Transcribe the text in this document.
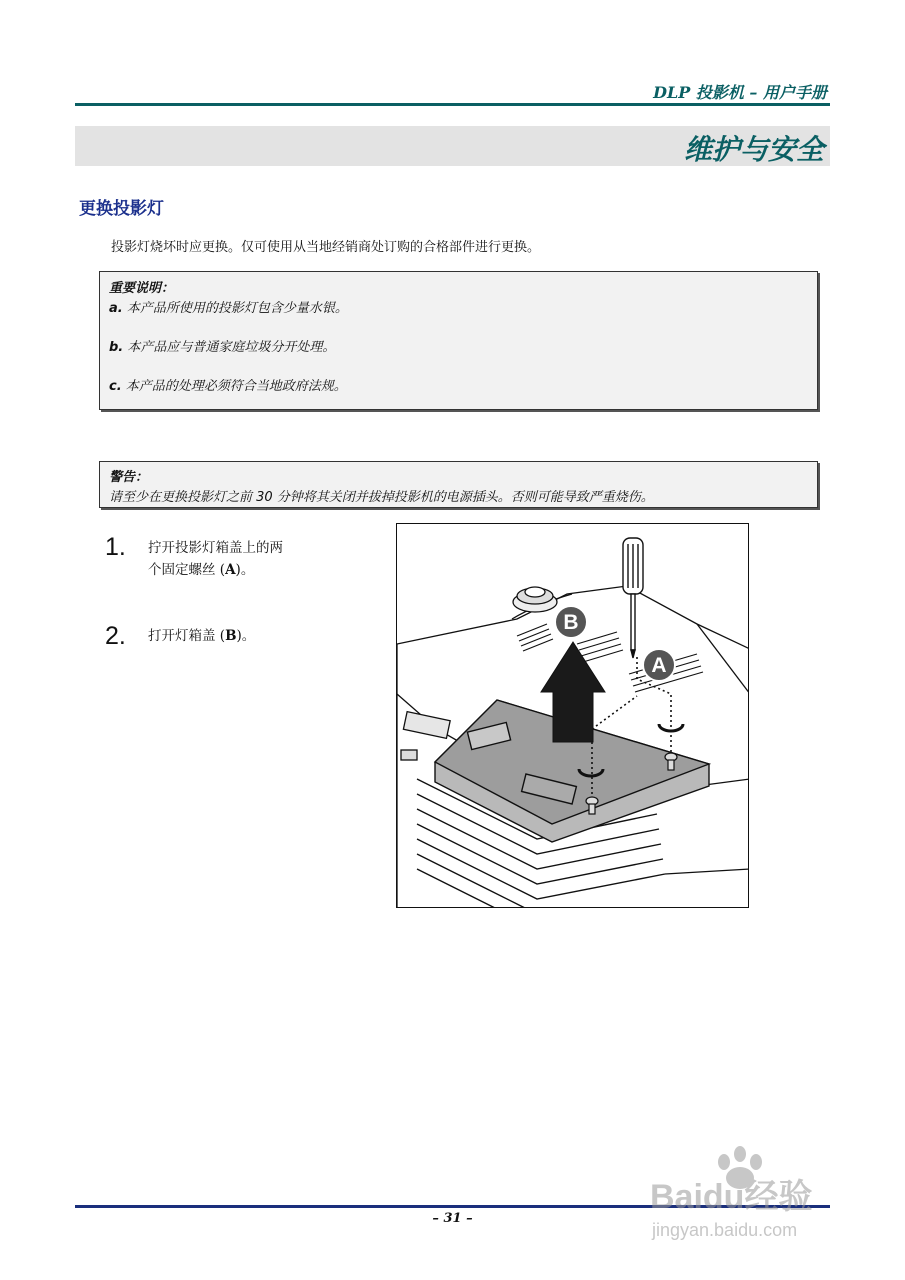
DLP 投影机 – 用户手册
维护与安全
更换投影灯
投影灯烧坏时应更换。仅可使用从当地经销商处订购的合格部件进行更换。
重要说明：
a. 本产品所使用的投影灯包含少量水银。
b. 本产品应与普通家庭垃圾分开处理。
c. 本产品的处理必须符合当地政府法规。
警告：
请至少在更换投影灯之前 30 分钟将其关闭并拔掉投影机的电源插头。否则可能导致严重烧伤。
1. 拧开投影灯箱盖上的两
个固定螺丝 (A)。
2. 打开灯箱盖 (B)。
B
A
– 31 –
Baidu经验
jingyan.baidu.com
